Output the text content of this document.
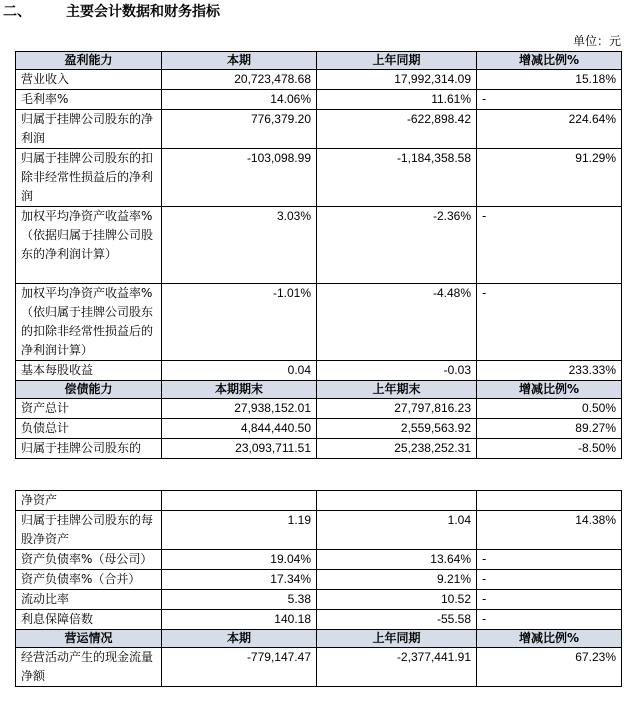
二、	主要会计数据和财务指标
单位：元
盈利能力	本期	上年同期	增减比例%
营业收入	20,723,478.68	17,992,314.09	15.18%
毛利率%	14.06%	11.61%	-
归属于挂牌公司股东的净利润	776,379.20	-622,898.42	224.64%
归属于挂牌公司股东的扣除非经常性损益后的净利润	-103,098.99	-1,184,358.58	91.29%
加权平均净资产收益率%（依据归属于挂牌公司股东的净利润计算）	3.03%	-2.36%	-
加权平均净资产收益率%（依归属于挂牌公司股东的扣除非经常性损益后的净利润计算）	-1.01%	-4.48%	-
基本每股收益	0.04	-0.03	233.33%
偿债能力	本期期末	上年期末	增减比例%
资产总计	27,938,152.01	27,797,816.23	0.50%
负债总计	4,844,440.50	2,559,563.92	89.27%
归属于挂牌公司股东的	23,093,711.51	25,238,252.31	-8.50%
净资产			
归属于挂牌公司股东的每股净资产	1.19	1.04	14.38%
资产负债率%（母公司）	19.04%	13.64%	-
资产负债率%（合并）	17.34%	9.21%	-
流动比率	5.38	10.52	-
利息保障倍数	140.18	-55.58	-
营运情况	本期	上年同期	增减比例%
经营活动产生的现金流量净额	-779,147.47	-2,377,441.91	67.23%
